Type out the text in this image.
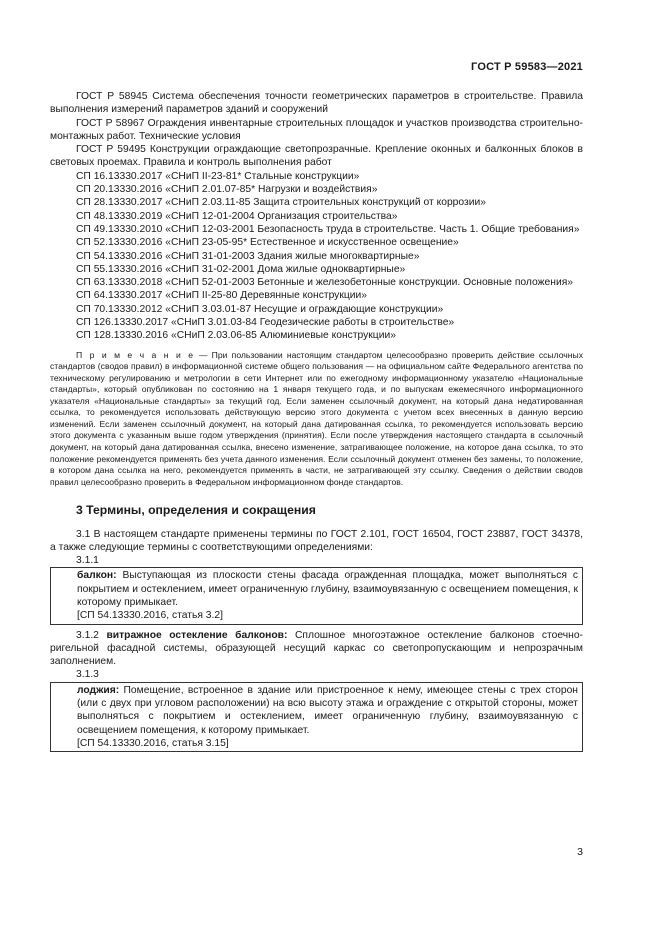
ГОСТ Р 59583—2021
ГОСТ Р 58945 Система обеспечения точности геометрических параметров в строительстве. Правила выполнения измерений параметров зданий и сооружений
ГОСТ Р 58967 Ограждения инвентарные строительных площадок и участков производства строительно-монтажных работ. Технические условия
ГОСТ Р 59495 Конструкции ограждающие светопрозрачные. Крепление оконных и балконных блоков в световых проемах. Правила и контроль выполнения работ
СП 16.13330.2017 «СНиП II-23-81* Стальные конструкции»
СП 20.13330.2016 «СНиП 2.01.07-85* Нагрузки и воздействия»
СП 28.13330.2017 «СНиП 2.03.11-85 Защита строительных конструкций от коррозии»
СП 48.13330.2019 «СНиП 12-01-2004 Организация строительства»
СП 49.13330.2010 «СНиП 12-03-2001 Безопасность труда в строительстве. Часть 1. Общие требования»
СП 52.13330.2016 «СНиП 23-05-95* Естественное и искусственное освещение»
СП 54.13330.2016 «СНиП 31-01-2003 Здания жилые многоквартирные»
СП 55.13330.2016 «СНиП 31-02-2001 Дома жилые одноквартирные»
СП 63.13330.2018 «СНиП 52-01-2003 Бетонные и железобетонные конструкции. Основные положения»
СП 64.13330.2017 «СНиП II-25-80 Деревянные конструкции»
СП 70.13330.2012 «СНиП 3.03.01-87 Несущие и ограждающие конструкции»
СП 126.13330.2017 «СНиП 3.01.03-84 Геодезические работы в строительстве»
СП 128.13330.2016 «СНиП 2.03.06-85 Алюминиевые конструкции»
П р и м е ч а н и е — При пользовании настоящим стандартом целесообразно проверить действие ссылочных стандартов (сводов правил) в информационной системе общего пользования — на официальном сайте Федерального агентства по техническому регулированию и метрологии в сети Интернет или по ежегодному информационному указателю «Национальные стандарты», который опубликован по состоянию на 1 января текущего года, и по выпускам ежемесячного информационного указателя «Национальные стандарты» за текущий год. Если заменен ссылочный документ, на который дана недатированная ссылка, то рекомендуется использовать действующую версию этого документа с учетом всех внесенных в данную версию изменений. Если заменен ссылочный документ, на который дана датированная ссылка, то рекомендуется использовать версию этого документа с указанным выше годом утверждения (принятия). Если после утверждения настоящего стандарта в ссылочный документ, на который дана датированная ссылка, внесено изменение, затрагивающее положение, на которое дана ссылка, то это положение рекомендуется применять без учета данного изменения. Если ссылочный документ отменен без замены, то положение, в котором дана ссылка на него, рекомендуется применять в части, не затрагивающей эту ссылку. Сведения о действии сводов правил целесообразно проверить в Федеральном информационном фонде стандартов.
3 Термины, определения и сокращения
3.1 В настоящем стандарте применены термины по ГОСТ 2.101, ГОСТ 16504, ГОСТ 23887, ГОСТ 34378, а также следующие термины с соответствующими определениями:
3.1.1
балкон: Выступающая из плоскости стены фасада огражденная площадка, может выполняться с покрытием и остеклением, имеет ограниченную глубину, взаимоувязанную с освещением помещения, к которому примыкает.
[СП 54.13330.2016, статья 3.2]
3.1.2 витражное остекление балконов: Сплошное многоэтажное остекление балконов стоечно-ригельной фасадной системы, образующей несущий каркас со светопропускающим и непрозрачным заполнением.
3.1.3
лоджия: Помещение, встроенное в здание или пристроенное к нему, имеющее стены с трех сторон (или с двух при угловом расположении) на всю высоту этажа и ограждение с открытой стороны, может выполняться с покрытием и остеклением, имеет ограниченную глубину, взаимоувязанную с освещением помещения, к которому примыкает.
[СП 54.13330.2016, статья 3.15]
3
